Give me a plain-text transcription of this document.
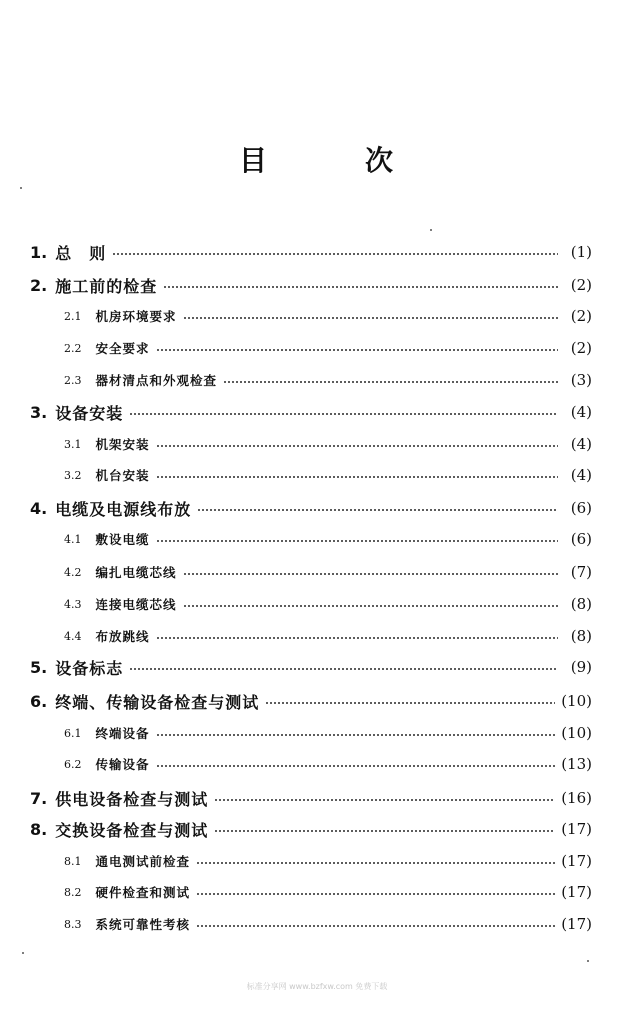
目	次
1. 总　则	(1)
2. 施工前的检查	(2)
2.1 机房环境要求	(2)
2.2 安全要求	(2)
2.3 器材清点和外观检查	(3)
3. 设备安装	(4)
3.1 机架安装	(4)
3.2 机台安装	(4)
4. 电缆及电源线布放	(6)
4.1 敷设电缆	(6)
4.2 编扎电缆芯线	(7)
4.3 连接电缆芯线	(8)
4.4 布放跳线	(8)
5. 设备标志	(9)
6. 终端、传输设备检查与测试	(10)
6.1 终端设备	(10)
6.2 传输设备	(13)
7. 供电设备检查与测试	(16)
8. 交换设备检查与测试	(17)
8.1 通电测试前检查	(17)
8.2 硬件检查和测试	(17)
8.3 系统可靠性考核	(17)
标准分享网 www.bzfxw.com 免费下载
